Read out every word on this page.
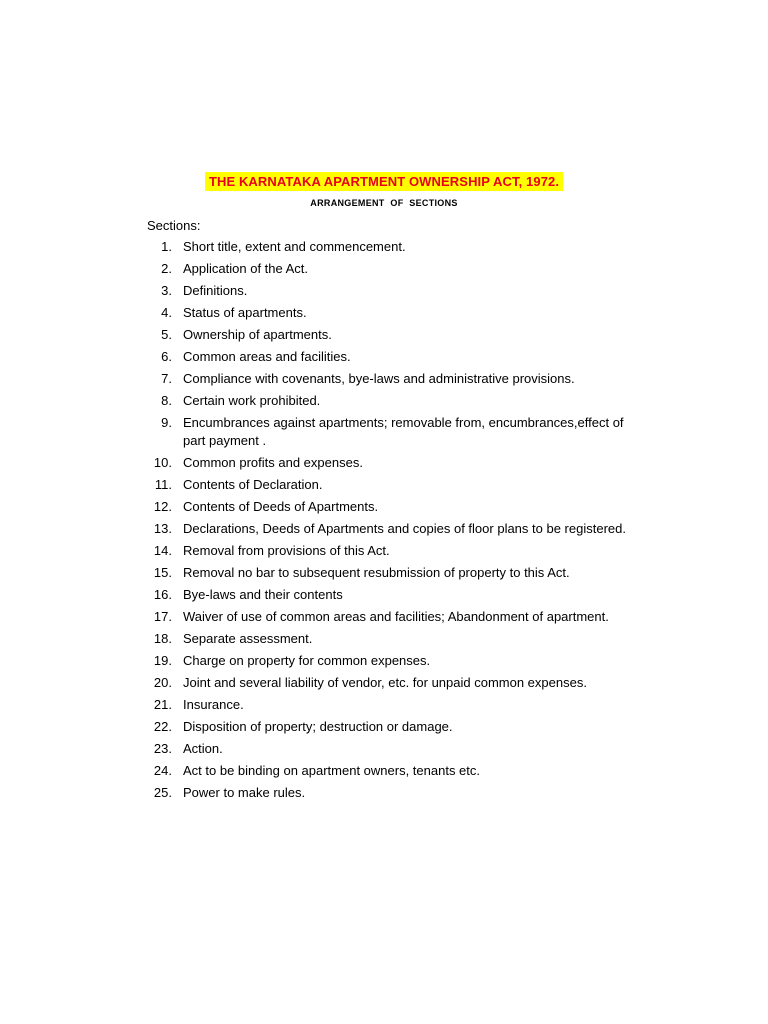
THE KARNATAKA APARTMENT OWNERSHIP ACT, 1972.
ARRANGEMENT OF SECTIONS
Sections:
1. Short title, extent and commencement.
2. Application of the Act.
3. Definitions.
4. Status of apartments.
5. Ownership of apartments.
6. Common areas and facilities.
7. Compliance with covenants, bye-laws and administrative provisions.
8. Certain work prohibited.
9. Encumbrances against apartments; removable from, encumbrances,effect of part payment .
10. Common profits and expenses.
11. Contents of Declaration.
12. Contents of Deeds of Apartments.
13. Declarations, Deeds of Apartments and copies of floor plans to be registered.
14. Removal from provisions of this Act.
15. Removal no bar to subsequent resubmission of property to this Act.
16. Bye-laws and their contents
17. Waiver of use of common areas and facilities; Abandonment of apartment.
18. Separate assessment.
19. Charge on property for common expenses.
20. Joint and several liability of vendor, etc. for unpaid common expenses.
21. Insurance.
22. Disposition of property; destruction or damage.
23. Action.
24. Act to be binding on apartment owners, tenants etc.
25. Power to make rules.
